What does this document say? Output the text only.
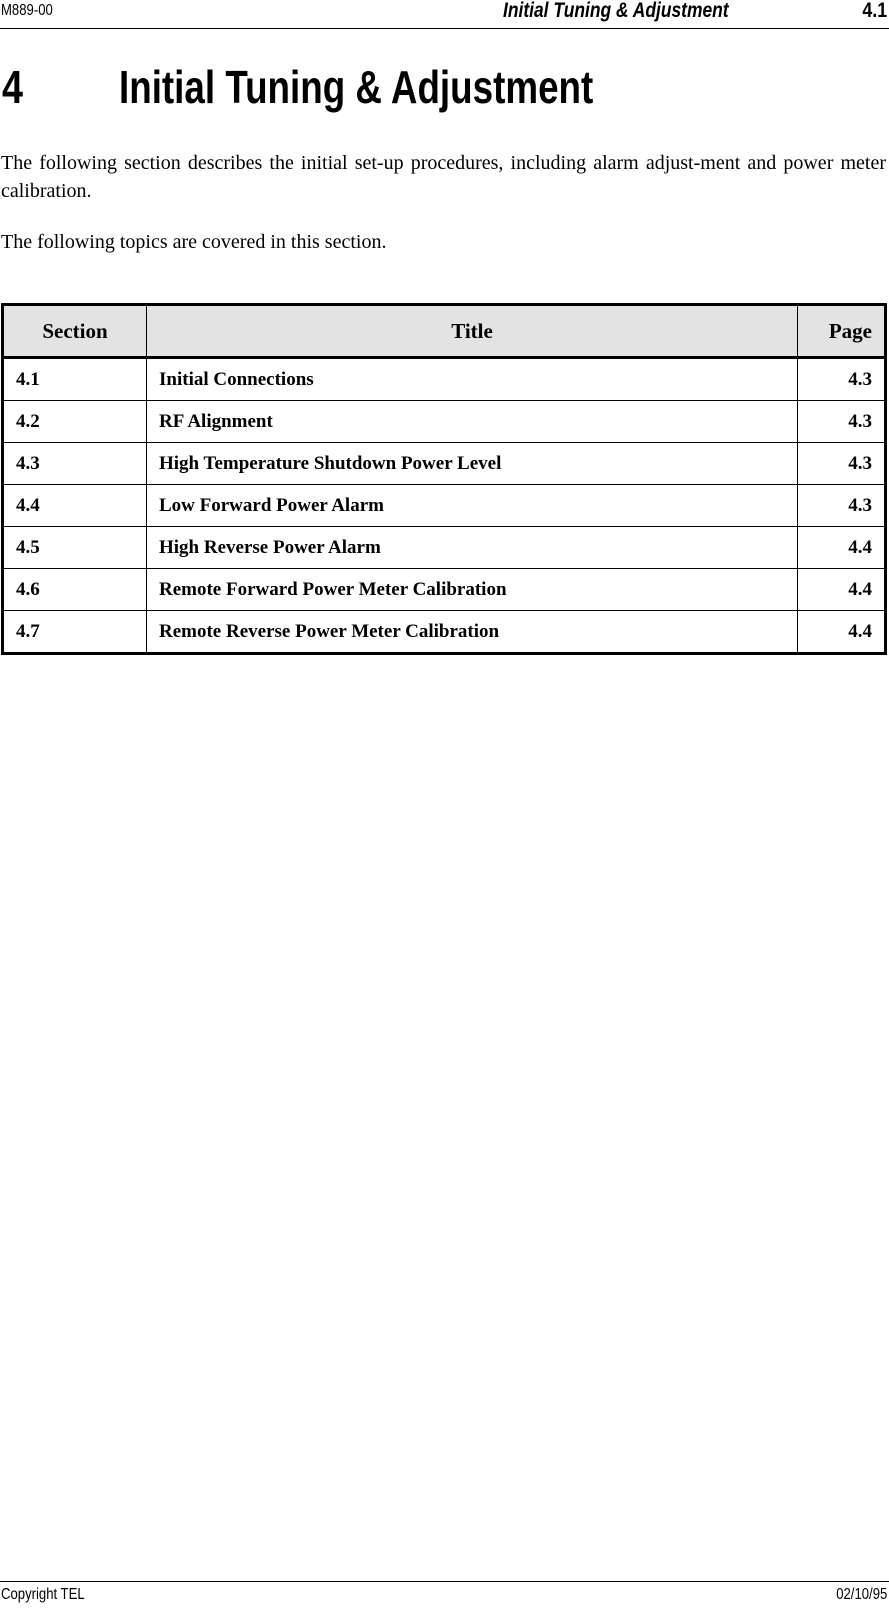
M889-00	Initial Tuning & Adjustment	4.1
4 Initial Tuning & Adjustment

The following section describes the initial set-up procedures, including alarm adjust-ment and power meter calibration.

The following topics are covered in this section.

Section	Title	Page
4.1	Initial Connections	4.3
4.2	RF Alignment	4.3
4.3	High Temperature Shutdown Power Level	4.3
4.4	Low Forward Power Alarm	4.3
4.5	High Reverse Power Alarm	4.4
4.6	Remote Forward Power Meter Calibration	4.4
4.7	Remote Reverse Power Meter Calibration	4.4
Copyright TEL	02/10/95
